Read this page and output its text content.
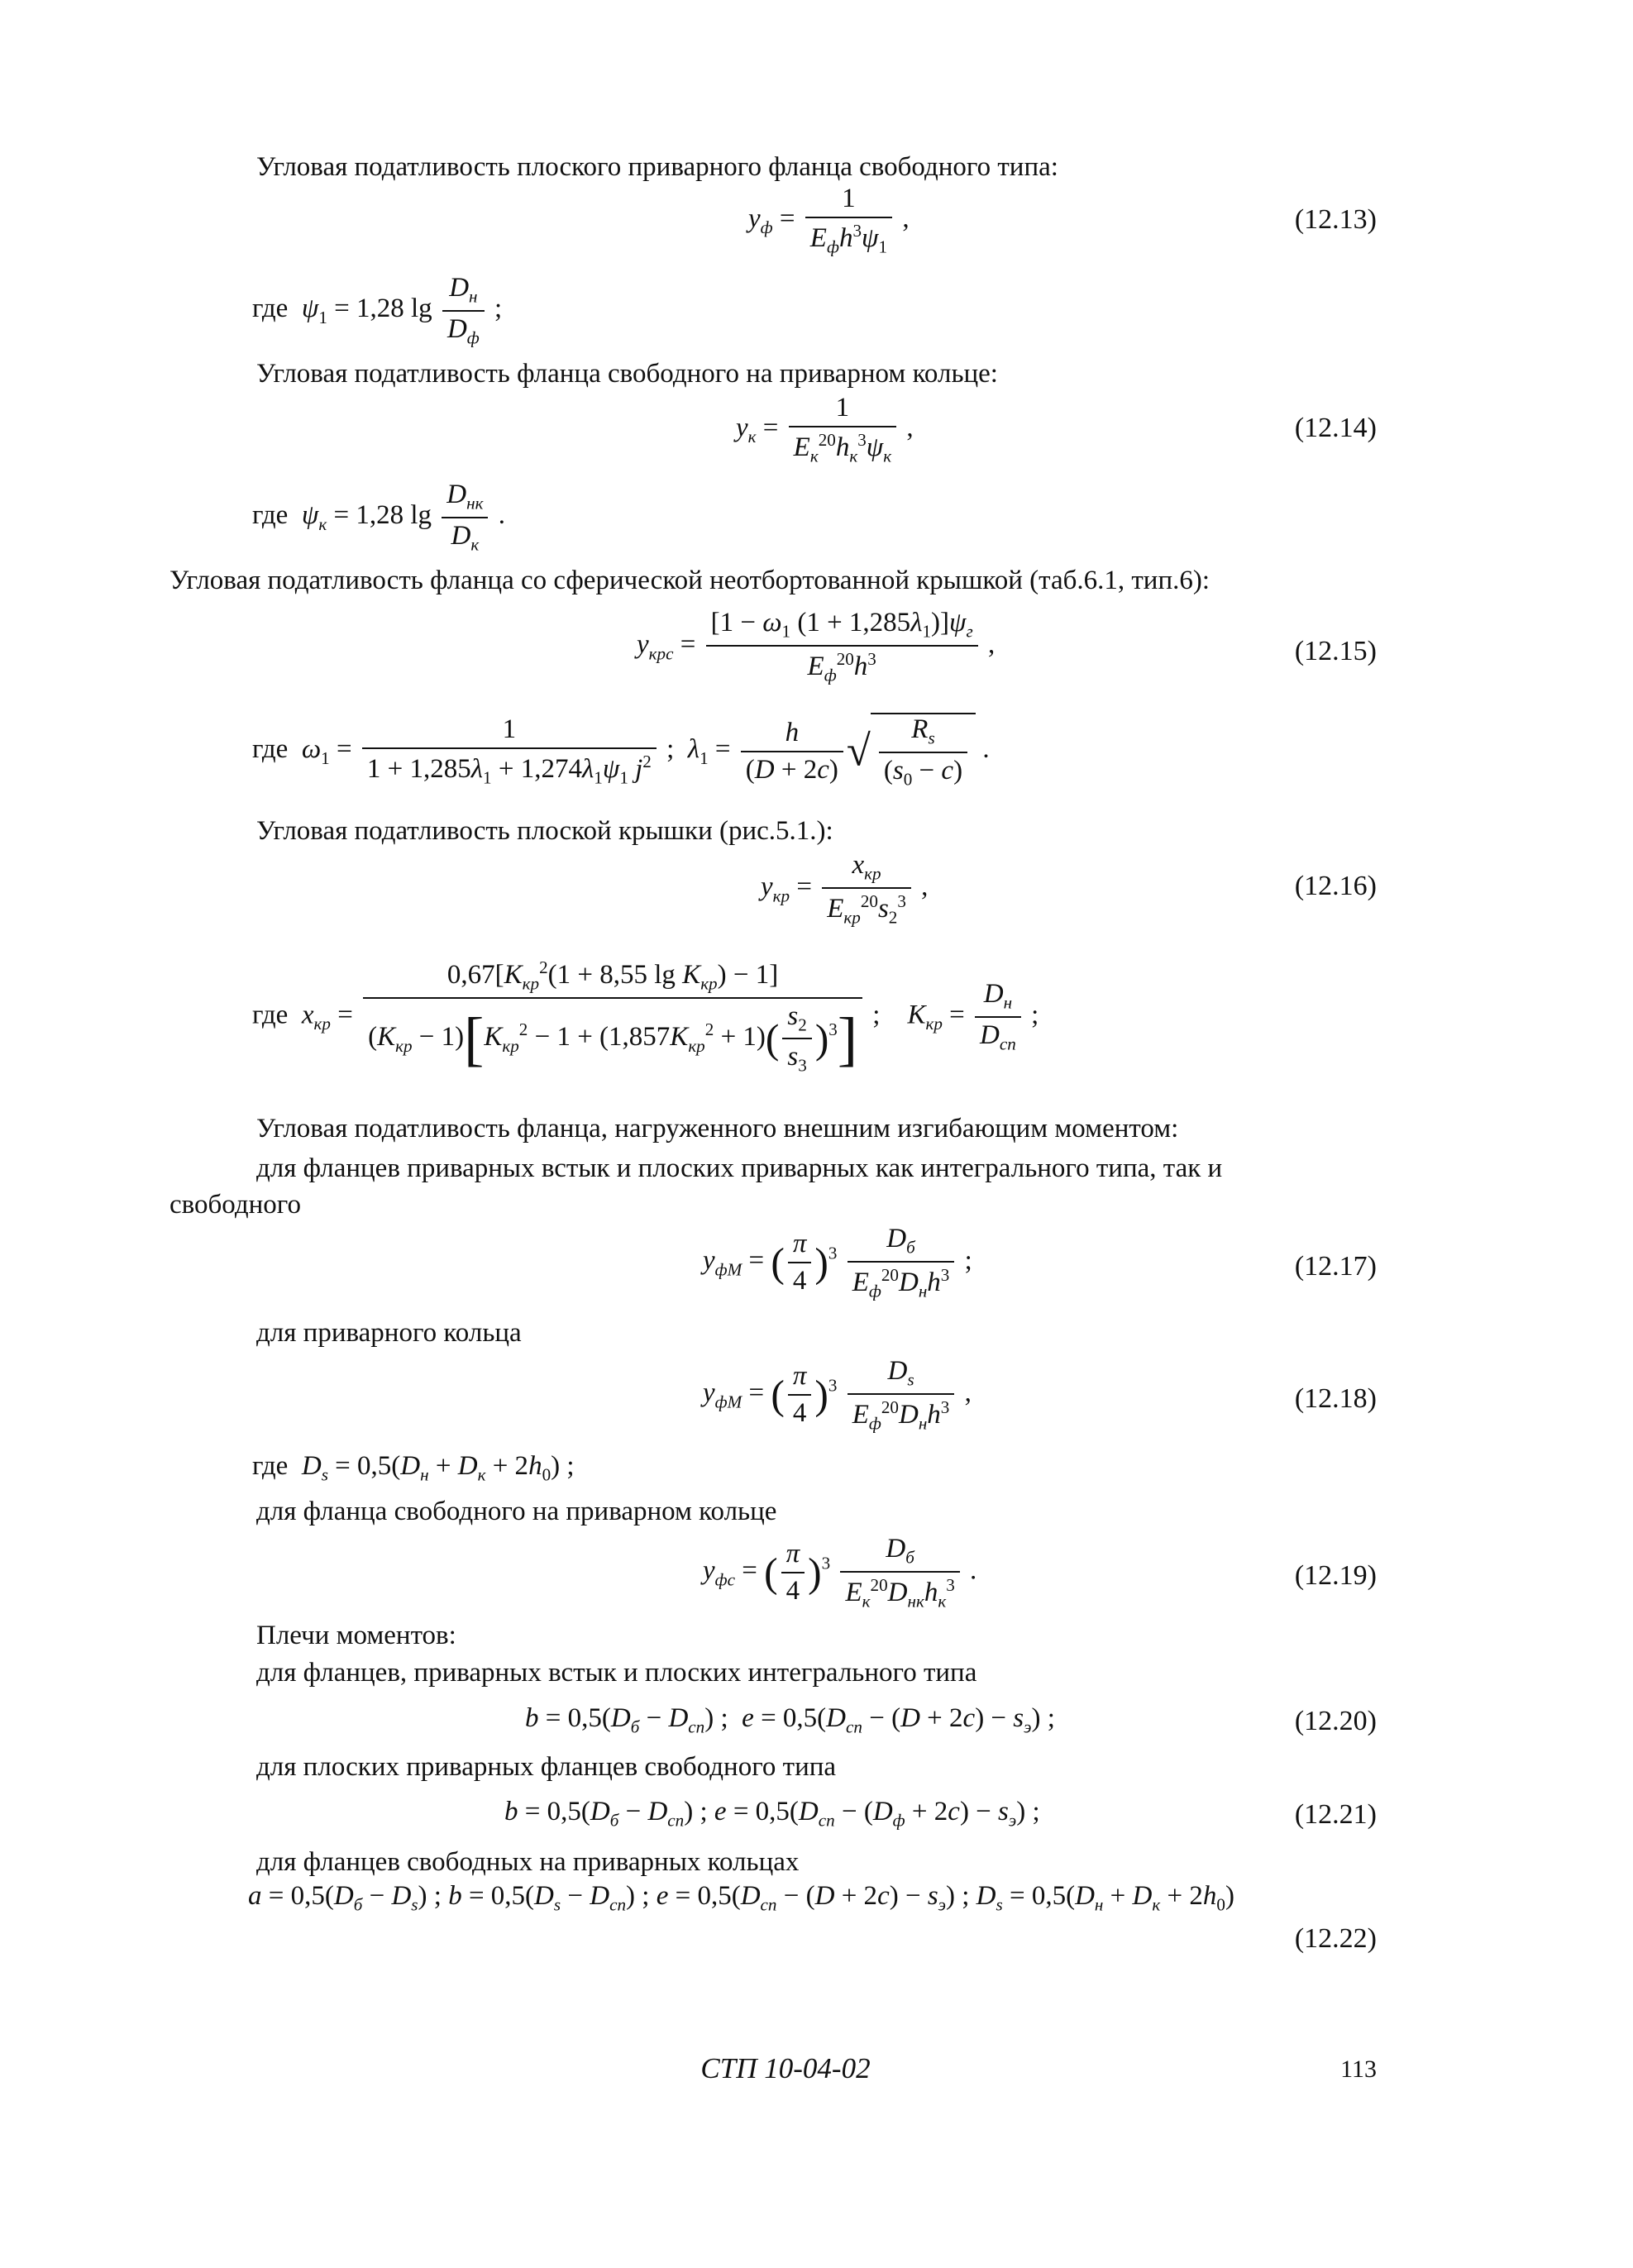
Угловая податливость плоского приварного фланца свободного типа:
$y_ф = \frac{1}{E_фh^3\psi_1}$ ,	(12.13)
где $\psi_1 = 1,28$ $\lg \frac{D_н}{D_ф}$ ;
Угловая податливость фланца свободного на приварном кольце:
$y_к = \frac{1}{E_к^{20}h_к^3\psi_к}$ ,	(12.14)
где $\psi_к = 1,28$ $\lg \frac{D_{нк}}{D_к}$ .
Угловая податливость фланца со сферической неотбортованной крышкой (таб.6.1, тип.6):
$y_{крс} = \frac{[1 - \omega_1 (1 + 1,285\lambda_1)]\psi_г}{E_ф^{20}h^3}$ ,	(12.15)
где $\omega_1 = \frac{1}{1 + 1,285\lambda_1 + 1,274\lambda_1\psi_1 j^2}$ ;  $\lambda_1 = \frac{h}{(D + 2c)}$ √ $\frac{R_s}{(s_0 - c)}$ .
Угловая податливость плоской крышки (рис.5.1.):
$y_{кр} = \frac{x_{кр}}{E_{кр}^{20}s_2^3}$ ,	(12.16)
где $x_{кр} = \frac{0,67[K_{кр}^2(1 + 8,55 \lg K_{кр}) - 1]}{(K_{кр} - 1)[K_{кр}^2 - 1 + (1,857K_{кр}^2 + 1)( \frac{s_2}{s_3} )^3]}$ ;    $K_{кр} = \frac{D_н}{D_{сп}}$ ;
Угловая податливость фланца, нагруженного внешним изгибающим моментом:
для фланцев приварных встык и плоских приварных как интегрального типа, так и
свободного
$y_{фМ}$ = ( $\frac{\pi}{4} )^3 \frac{D_б}{E_ф^{20}D_нh^3}$ ;	(12.17)
для приварного кольца
$y_{фМ}$ = ( $\frac{\pi}{4} )^3 \frac{D_s}{E_ф^{20}D_нh^3}$ ,	(12.18)
где $D_s = 0,5(D_н + D_к + 2h_0)$ ;
для фланца свободного на приварном кольце
$y_{фс}$ = ( $\frac{\pi}{4} )^3 \frac{D_б}{E_к^{20}D_{нк}h_к^3}$ .	(12.19)
Плечи моментов:
для фланцев, приварных встык и плоских интегрального типа
$b = 0,5(D_б - D_{сп})$ ;  $e = 0,5(D_{сп} - (D + 2c) - s_э)$ ;	(12.20)
для плоских приварных фланцев свободного типа
$b = 0,5(D_б - D_{сп})$ ; $e = 0,5(D_{сп} - (D_ф + 2c) - s_э)$ ;	(12.21)
для фланцев свободных на приварных кольцах
$a = 0,5(D_б - D_s)$ ; $b = 0,5(D_s - D_{сп})$ ; $e = 0,5(D_{сп} - (D + 2c) - s_э)$ ; $D_s = 0,5(D_н + D_к + 2h_0)$
(12.22)
СТП 10-04-02	113
